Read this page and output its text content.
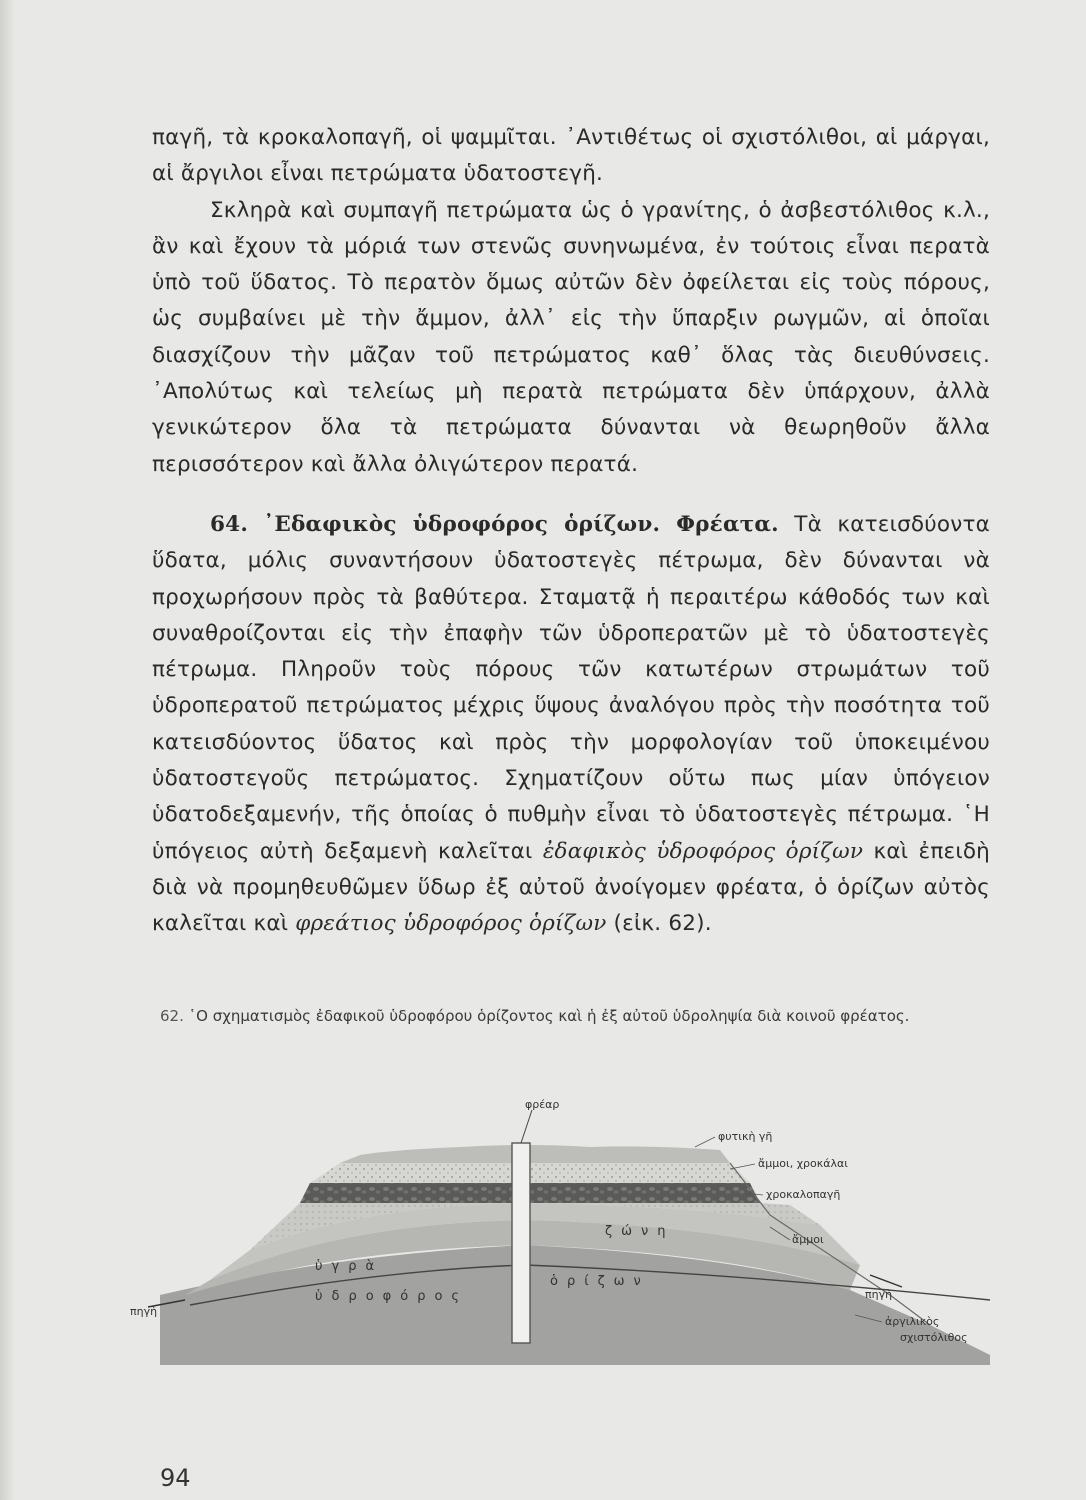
παγῆ, τὰ κροκαλοπαγῆ, οἱ ψαμμῖται. ᾿Αντιθέτως οἱ σχιστόλιθοι, αἱ μάργαι, αἱ ἄργιλοι εἶναι πετρώματα ὑδατοστεγῆ.

Σκληρὰ καὶ συμπαγῆ πετρώματα ὡς ὁ γρανίτης, ὁ ἀσβεστόλιθος κ.λ., ἂν καὶ ἔχουν τὰ μόριά των στενῶς συνηνωμένα, ἐν τούτοις εἶναι περατὰ ὑπὸ τοῦ ὕδατος. Τὸ περατὸν ὅμως αὐτῶν δὲν ὀφείλεται εἰς τοὺς πόρους, ὡς συμβαίνει μὲ τὴν ἄμμον, ἀλλ᾿ εἰς τὴν ὕπαρξιν ρωγμῶν, αἱ ὁποῖαι διασχίζουν τὴν μᾶζαν τοῦ πετρώματος καθ᾿ ὅλας τὰς διευθύνσεις. ᾿Απολύτως καὶ τελείως μὴ περατὰ πετρώματα δὲν ὑπάρχουν, ἀλλὰ γενικώτερον ὅλα τὰ πετρώματα δύνανται νὰ θεωρηθοῦν ἄλλα περισσότερον καὶ ἄλλα ὀλιγώτερον περατά.

64. ᾿Εδαφικὸς ὑδροφόρος ὁρίζων. Φρέατα. Τὰ κατεισδύοντα ὕδατα, μόλις συναντήσουν ὑδατοστεγὲς πέτρωμα, δὲν δύνανται νὰ προχωρήσουν πρὸς τὰ βαθύτερα. Σταματᾷ ἡ περαιτέρω κάθοδός των καὶ συναθροίζονται εἰς τὴν ἐπαφὴν τῶν ὑδροπερατῶν μὲ τὸ ὑδατοστεγὲς πέτρωμα. Πληροῦν τοὺς πόρους τῶν κατωτέρων στρωμάτων τοῦ ὑδροπερατοῦ πετρώματος μέχρις ὕψους ἀναλόγου πρὸς τὴν ποσότητα τοῦ κατεισδύοντος ὕδατος καὶ πρὸς τὴν μορφολογίαν τοῦ ὑποκειμένου ὑδατοστεγοῦς πετρώματος. Σχηματίζουν οὕτω πως μίαν ὑπόγειον ὑδατοδεξαμενήν, τῆς ὁποίας ὁ πυθμὴν εἶναι τὸ ὑδατοστεγὲς πέτρωμα. ῾Η ὑπόγειος αὐτὴ δεξαμενὴ καλεῖται ἐδαφικὸς ὑδροφόρος ὁρίζων καὶ ἐπειδὴ διὰ νὰ προμηθευθῶμεν ὕδωρ ἐξ αὐτοῦ ἀνοίγομεν φρέατα, ὁ ὁρίζων αὐτὸς καλεῖται καὶ φρεάτιος ὑδροφόρος ὁρίζων (εἰκ. 62).

62. ῾Ο σχηματισμὸς ἐδαφικοῦ ὑδροφόρου ὁρίζοντος καὶ ἡ ἐξ αὐτοῦ ὑδροληψία διὰ κοινοῦ φρέατος.
φρέαρ
φυτικὴ γῆ
ἄμμοι, χροκάλαι
χροκαλοπαγῆ
ἄμμοι
πηγὴ
πηγὴ
ἀργιλικὸς
σχιστόλιθος
ὑγρὰ
ζώνη
ὑδροφόρος
ὁρίζων
94
